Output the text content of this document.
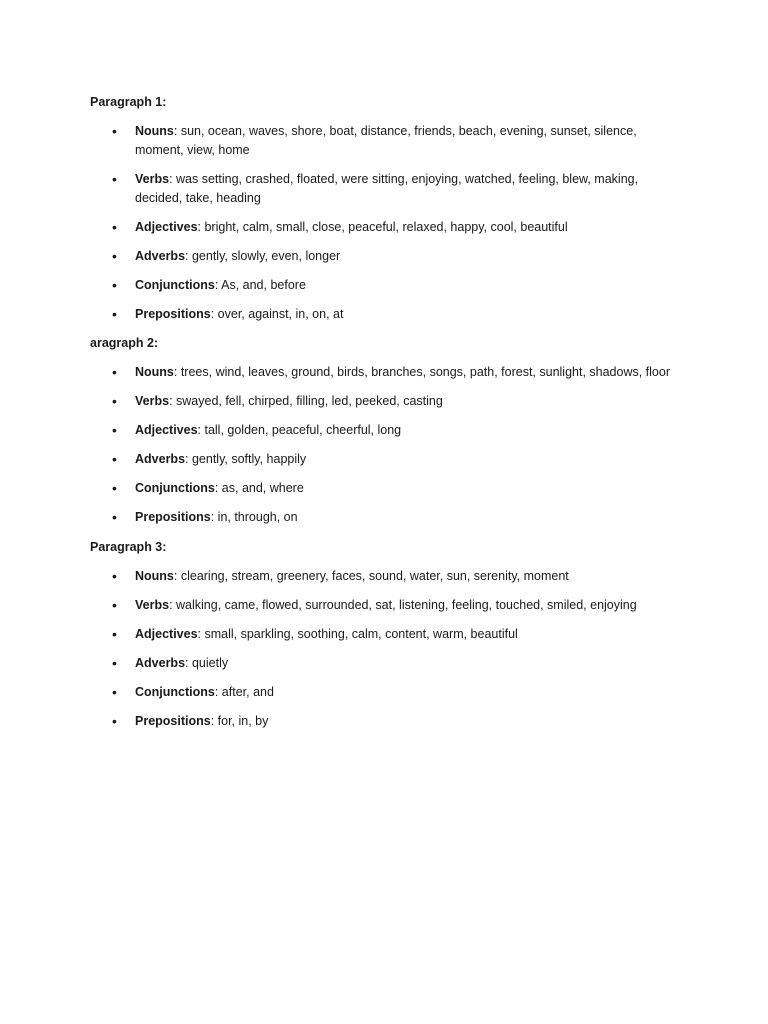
Paragraph 1:

• Nouns: sun, ocean, waves, shore, boat, distance, friends, beach, evening, sunset, silence, moment, view, home
• Verbs: was setting, crashed, floated, were sitting, enjoying, watched, feeling, blew, making, decided, take, heading
• Adjectives: bright, calm, small, close, peaceful, relaxed, happy, cool, beautiful
• Adverbs: gently, slowly, even, longer
• Conjunctions: As, and, before
• Prepositions: over, against, in, on, at

aragraph 2:

• Nouns: trees, wind, leaves, ground, birds, branches, songs, path, forest, sunlight, shadows, floor
• Verbs: swayed, fell, chirped, filling, led, peeked, casting
• Adjectives: tall, golden, peaceful, cheerful, long
• Adverbs: gently, softly, happily
• Conjunctions: as, and, where
• Prepositions: in, through, on

Paragraph 3:

• Nouns: clearing, stream, greenery, faces, sound, water, sun, serenity, moment
• Verbs: walking, came, flowed, surrounded, sat, listening, feeling, touched, smiled, enjoying
• Adjectives: small, sparkling, soothing, calm, content, warm, beautiful
• Adverbs: quietly
• Conjunctions: after, and
• Prepositions: for, in, by
